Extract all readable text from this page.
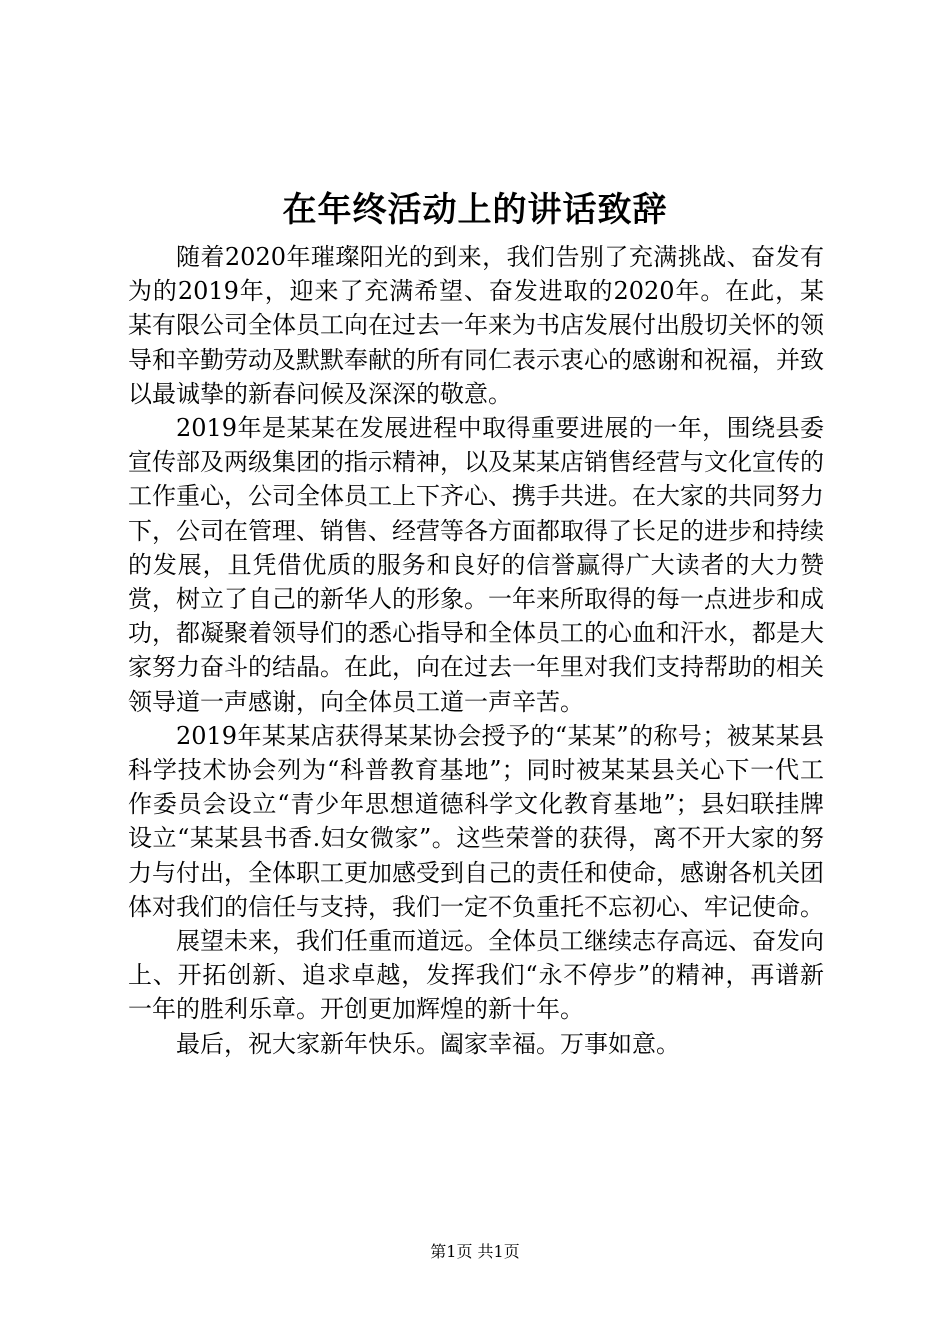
在年终活动上的讲话致辞

随着2020年璀璨阳光的到来，我们告别了充满挑战、奋发有为的2019年，迎来了充满希望、奋发进取的2020年。在此，某某有限公司全体员工向在过去一年来为书店发展付出殷切关怀的领导和辛勤劳动及默默奉献的所有同仁表示衷心的感谢和祝福，并致以最诚挚的新春问候及深深的敬意。

2019年是某某在发展进程中取得重要进展的一年，围绕县委宣传部及两级集团的指示精神，以及某某店销售经营与文化宣传的工作重心，公司全体员工上下齐心、携手共进。在大家的共同努力下，公司在管理、销售、经营等各方面都取得了长足的进步和持续的发展，且凭借优质的服务和良好的信誉赢得广大读者的大力赞赏，树立了自己的新华人的形象。一年来所取得的每一点进步和成功，都凝聚着领导们的悉心指导和全体员工的心血和汗水，都是大家努力奋斗的结晶。在此，向在过去一年里对我们支持帮助的相关领导道一声感谢，向全体员工道一声辛苦。

2019年某某店获得某某协会授予的“某某”的称号；被某某县科学技术协会列为“科普教育基地”；同时被某某县关心下一代工作委员会设立“青少年思想道德科学文化教育基地”；县妇联挂牌设立“某某县书香.妇女微家”。这些荣誉的获得，离不开大家的努力与付出，全体职工更加感受到自己的责任和使命，感谢各机关团体对我们的信任与支持，我们一定不负重托不忘初心、牢记使命。

展望未来，我们任重而道远。全体员工继续志存高远、奋发向上、开拓创新、追求卓越，发挥我们“永不停步”的精神，再谱新一年的胜利乐章。开创更加辉煌的新十年。

最后，祝大家新年快乐。阖家幸福。万事如意。

第1页 共1页
